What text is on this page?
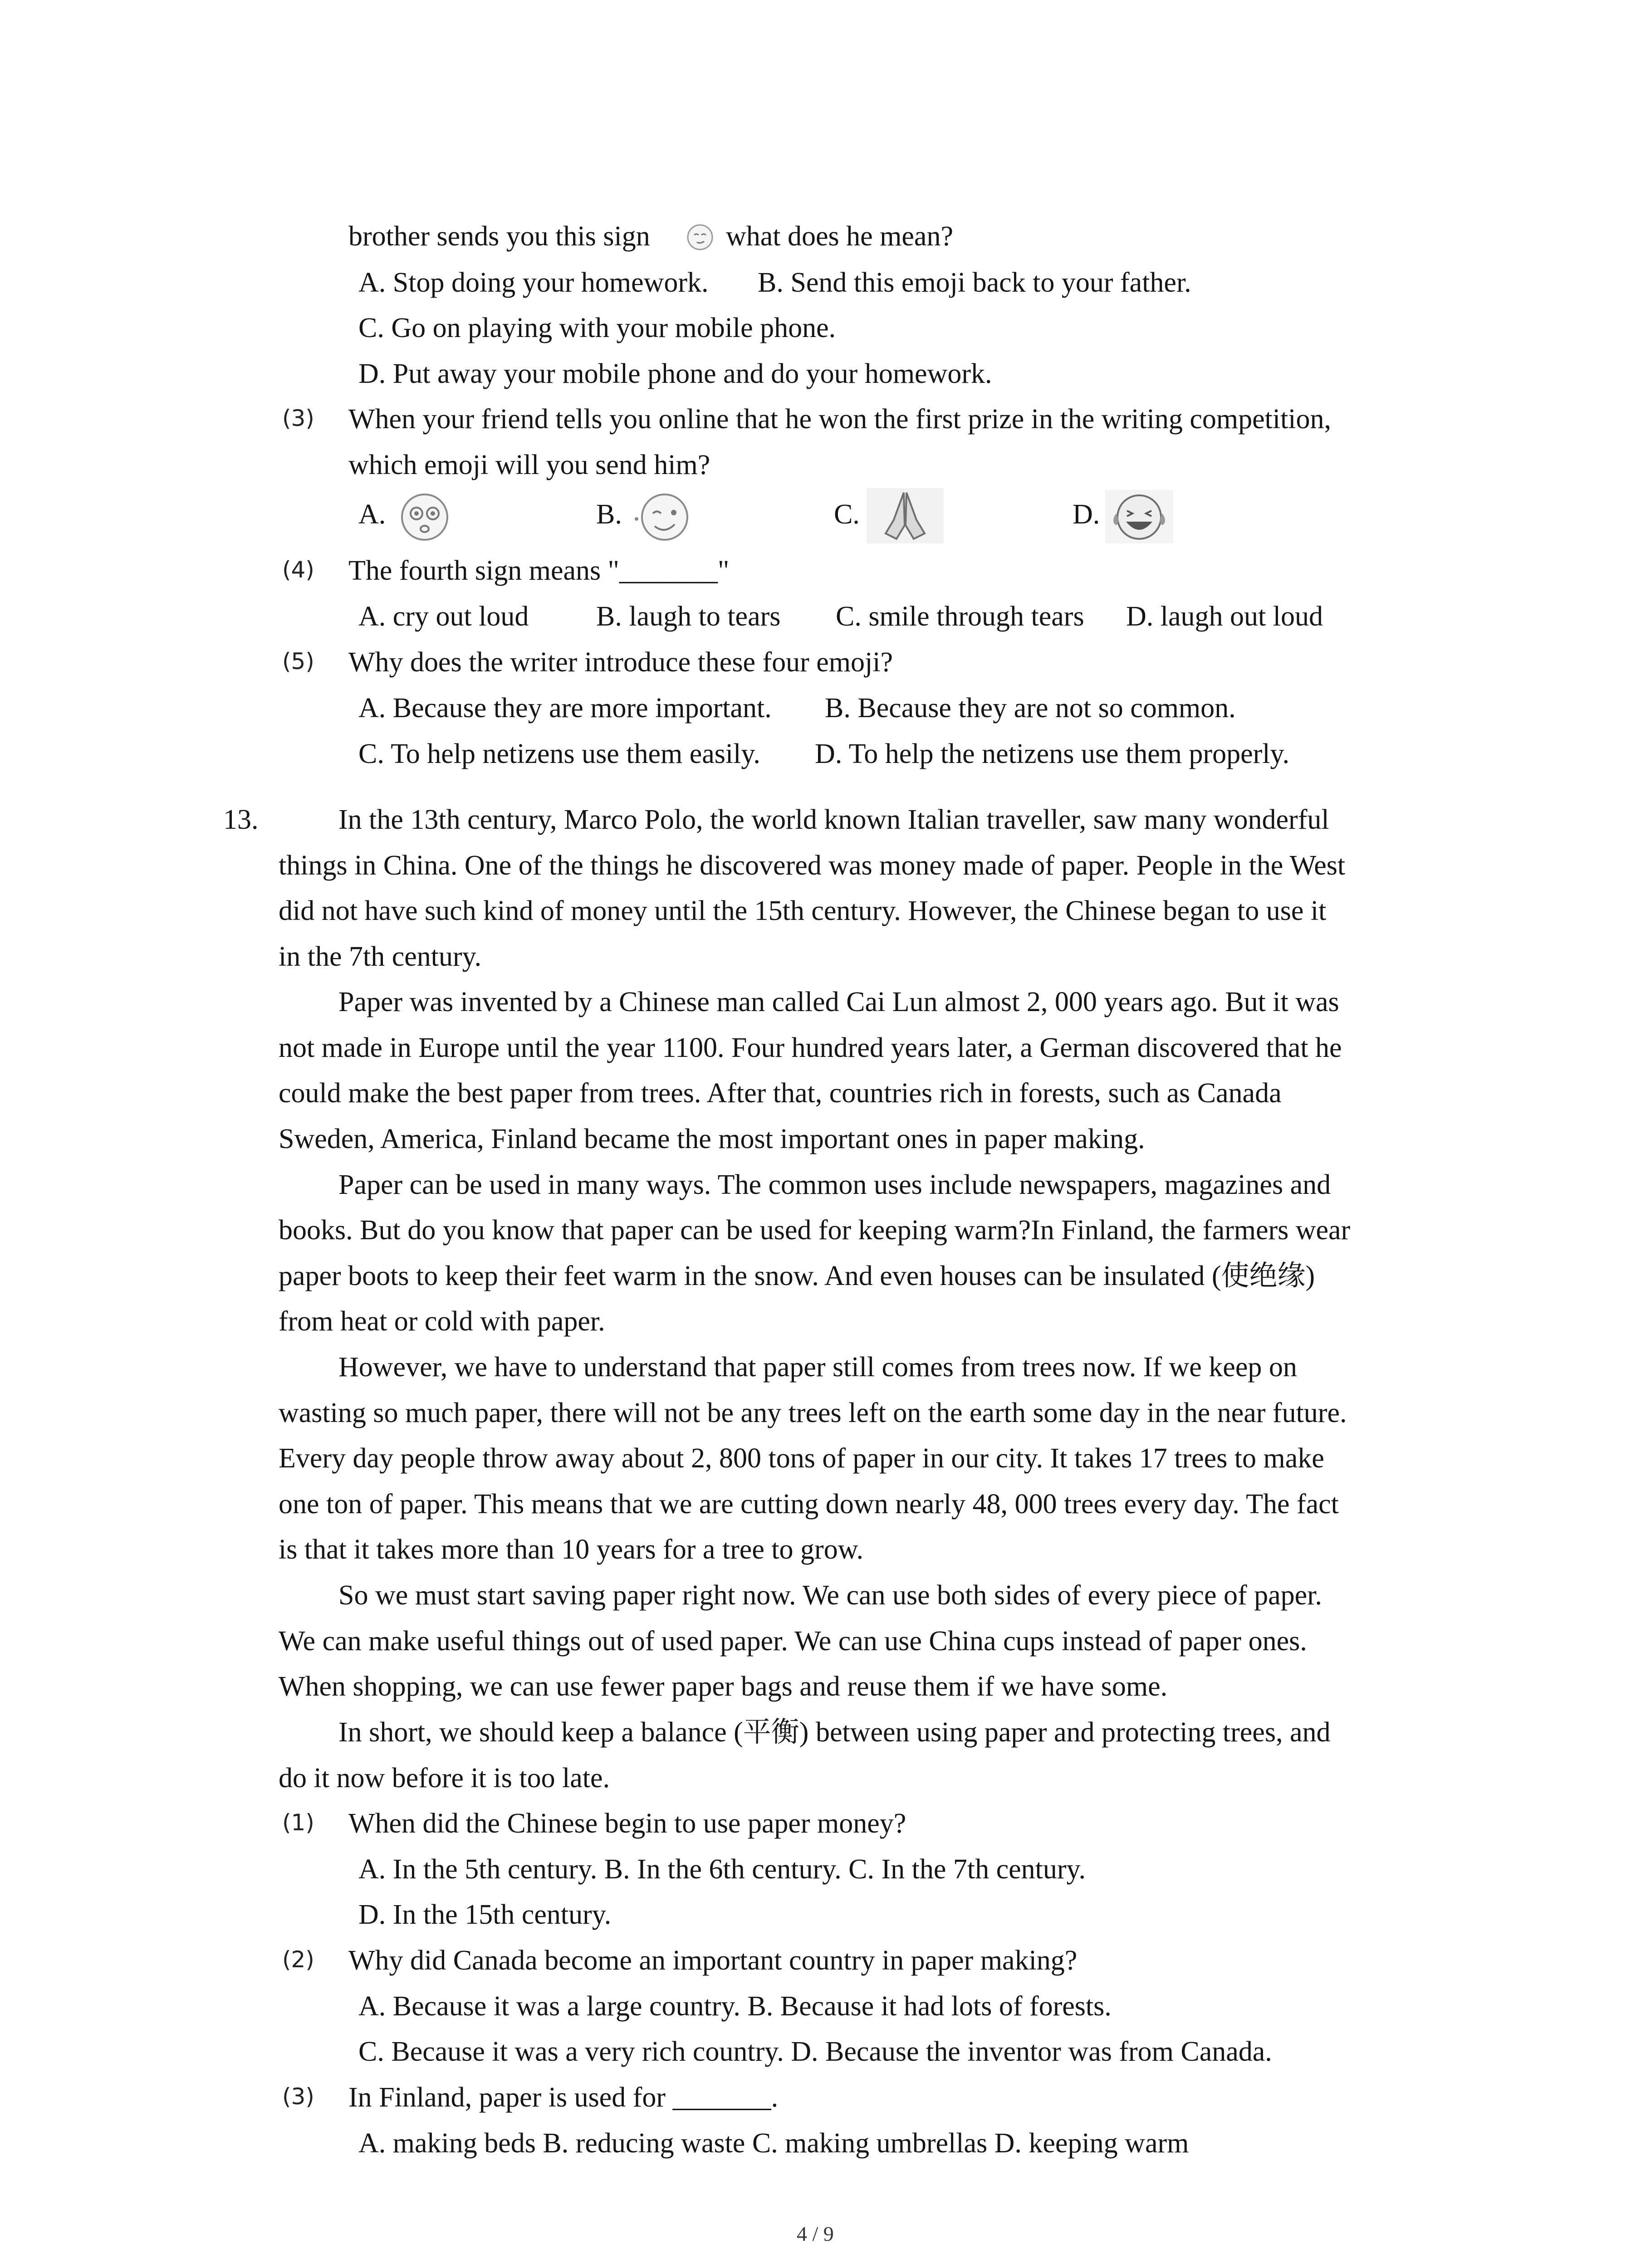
brother sends you this sign	what does he mean?
A. Stop doing your homework. B. Send this emoji back to your father.
C. Go on playing with your mobile phone.
D. Put away your mobile phone and do your homework.
(3) When your friend tells you online that he won the first prize in the writing competition,
which emoji will you send him?
A.	B.	C.	D.
(4) The fourth sign means "_______"
A. cry out loud B. laugh to tears C. smile through tears D. laugh out loud
(5) Why does the writer introduce these four emoji?
A. Because they are more important. B. Because they are not so common.
C. To help netizens use them easily. D. To help the netizens use them properly.
13.	In the 13th century, Marco Polo, the world known Italian traveller, saw many wonderful
things in China. One of the things he discovered was money made of paper. People in the West
did not have such kind of money until the 15th century. However, the Chinese began to use it
in the 7th century.
Paper was invented by a Chinese man called Cai Lun almost 2, 000 years ago. But it was
not made in Europe until the year 1100. Four hundred years later, a German discovered that he
could make the best paper from trees. After that, countries rich in forests, such as Canada
Sweden, America, Finland became the most important ones in paper making.
Paper can be used in many ways. The common uses include newspapers, magazines and
books. But do you know that paper can be used for keeping warm?In Finland, the farmers wear
paper boots to keep their feet warm in the snow. And even houses can be insulated (使绝缘)
from heat or cold with paper.
However, we have to understand that paper still comes from trees now. If we keep on
wasting so much paper, there will not be any trees left on the earth some day in the near future.
Every day people throw away about 2, 800 tons of paper in our city. It takes 17 trees to make
one ton of paper. This means that we are cutting down nearly 48, 000 trees every day. The fact
is that it takes more than 10 years for a tree to grow.
So we must start saving paper right now. We can use both sides of every piece of paper.
We can make useful things out of used paper. We can use China cups instead of paper ones.
When shopping, we can use fewer paper bags and reuse them if we have some.
In short, we should keep a balance (平衡) between using paper and protecting trees, and
do it now before it is too late.
(1) When did the Chinese begin to use paper money?
A. In the 5th century. B. In the 6th century. C. In the 7th century.
D. In the 15th century.
(2) Why did Canada become an important country in paper making?
A. Because it was a large country. B. Because it had lots of forests.
C. Because it was a very rich country. D. Because the inventor was from Canada.
(3) In Finland, paper is used for _______.
A. making beds B. reducing waste C. making umbrellas D. keeping warm
4 / 9
